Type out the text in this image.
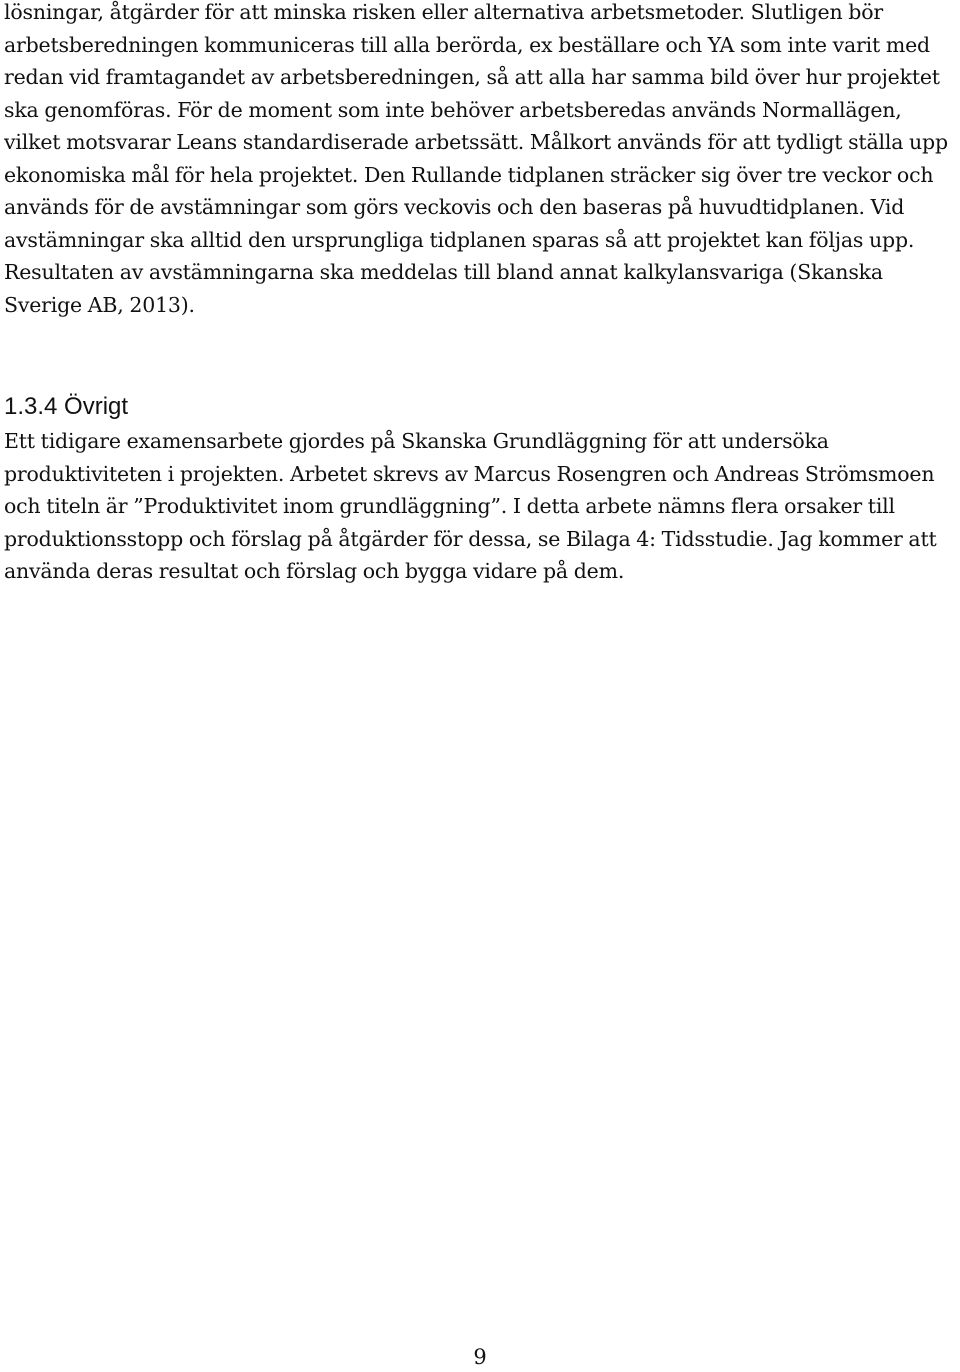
lösningar, åtgärder för att minska risken eller alternativa arbetsmetoder. Slutligen bör arbetsberedningen kommuniceras till alla berörda, ex beställare och YA som inte varit med redan vid framtagandet av arbetsberedningen, så att alla har samma bild över hur projektet ska genomföras. För de moment som inte behöver arbetsberedas används Normallägen, vilket motsvarar Leans standardiserade arbetssätt. Målkort används för att tydligt ställa upp ekonomiska mål för hela projektet. Den Rullande tidplanen sträcker sig över tre veckor och används för de avstämningar som görs veckovis och den baseras på huvudtidplanen. Vid avstämningar ska alltid den ursprungliga tidplanen sparas så att projektet kan följas upp. Resultaten av avstämningarna ska meddelas till bland annat kalkylansvariga (Skanska Sverige AB, 2013).

1.3.4 Övrigt

Ett tidigare examensarbete gjordes på Skanska Grundläggning för att undersöka produktiviteten i projekten. Arbetet skrevs av Marcus Rosengren och Andreas Strömsmoen och titeln är ”Produktivitet inom grundläggning”. I detta arbete nämns flera orsaker till produktionsstopp och förslag på åtgärder för dessa, se Bilaga 4: Tidsstudie. Jag kommer att använda deras resultat och förslag och bygga vidare på dem.

9
